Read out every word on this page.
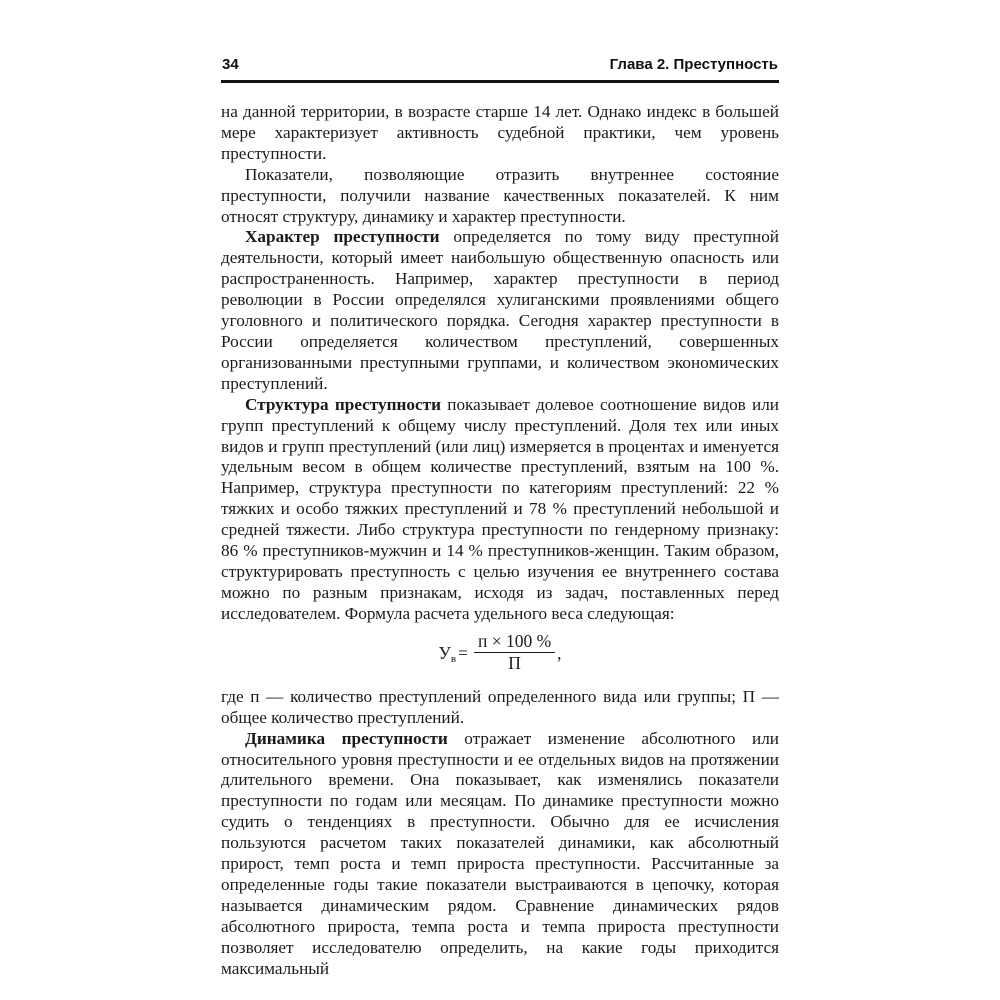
34	Глава 2. Преступность

на данной территории, в возрасте старше 14 лет. Однако индекс в большей мере характеризует активность судебной практики, чем уровень преступности.

Показатели, позволяющие отразить внутреннее состояние преступности, получили название качественных показателей. К ним относят структуру, динамику и характер преступности.

Характер преступности определяется по тому виду преступной деятельности, который имеет наибольшую общественную опасность или распространенность. Например, характер преступности в период революции в России определялся хулиганскими проявлениями общего уголовного и политического порядка. Сегодня характер преступности в России определяется количеством преступлений, совершенных организованными преступными группами, и количеством экономических преступлений.

Структура преступности показывает долевое соотношение видов или групп преступлений к общему числу преступлений. Доля тех или иных видов и групп преступлений (или лиц) измеряется в процентах и именуется удельным весом в общем количестве преступлений, взятым на 100 %. Например, структура преступности по категориям преступлений: 22 % тяжких и особо тяжких преступлений и 78 % преступлений небольшой и средней тяжести. Либо структура преступности по гендерному признаку: 86 % преступников-мужчин и 14 % преступников-женщин. Таким образом, структурировать преступность с целью изучения ее внутреннего состава можно по разным признакам, исходя из задач, поставленных перед исследователем. Формула расчета удельного веса следующая:

$У_в = \frac{п \times 100 \%}{П}$ ,

где п — количество преступлений определенного вида или группы; П — общее количество преступлений.

Динамика преступности отражает изменение абсолютного или относительного уровня преступности и ее отдельных видов на протяжении длительного времени. Она показывает, как изменялись показатели преступности по годам или месяцам. По динамике преступности можно судить о тенденциях в преступности. Обычно для ее исчисления пользуются расчетом таких показателей динамики, как абсолютный прирост, темп роста и темп прироста преступности. Рассчитанные за определенные годы такие показатели выстраиваются в цепочку, которая называется динамическим рядом. Сравнение динамических рядов абсолютного прироста, темпа роста и темпа прироста преступности позволяет исследователю определить, на какие годы приходится максимальный
